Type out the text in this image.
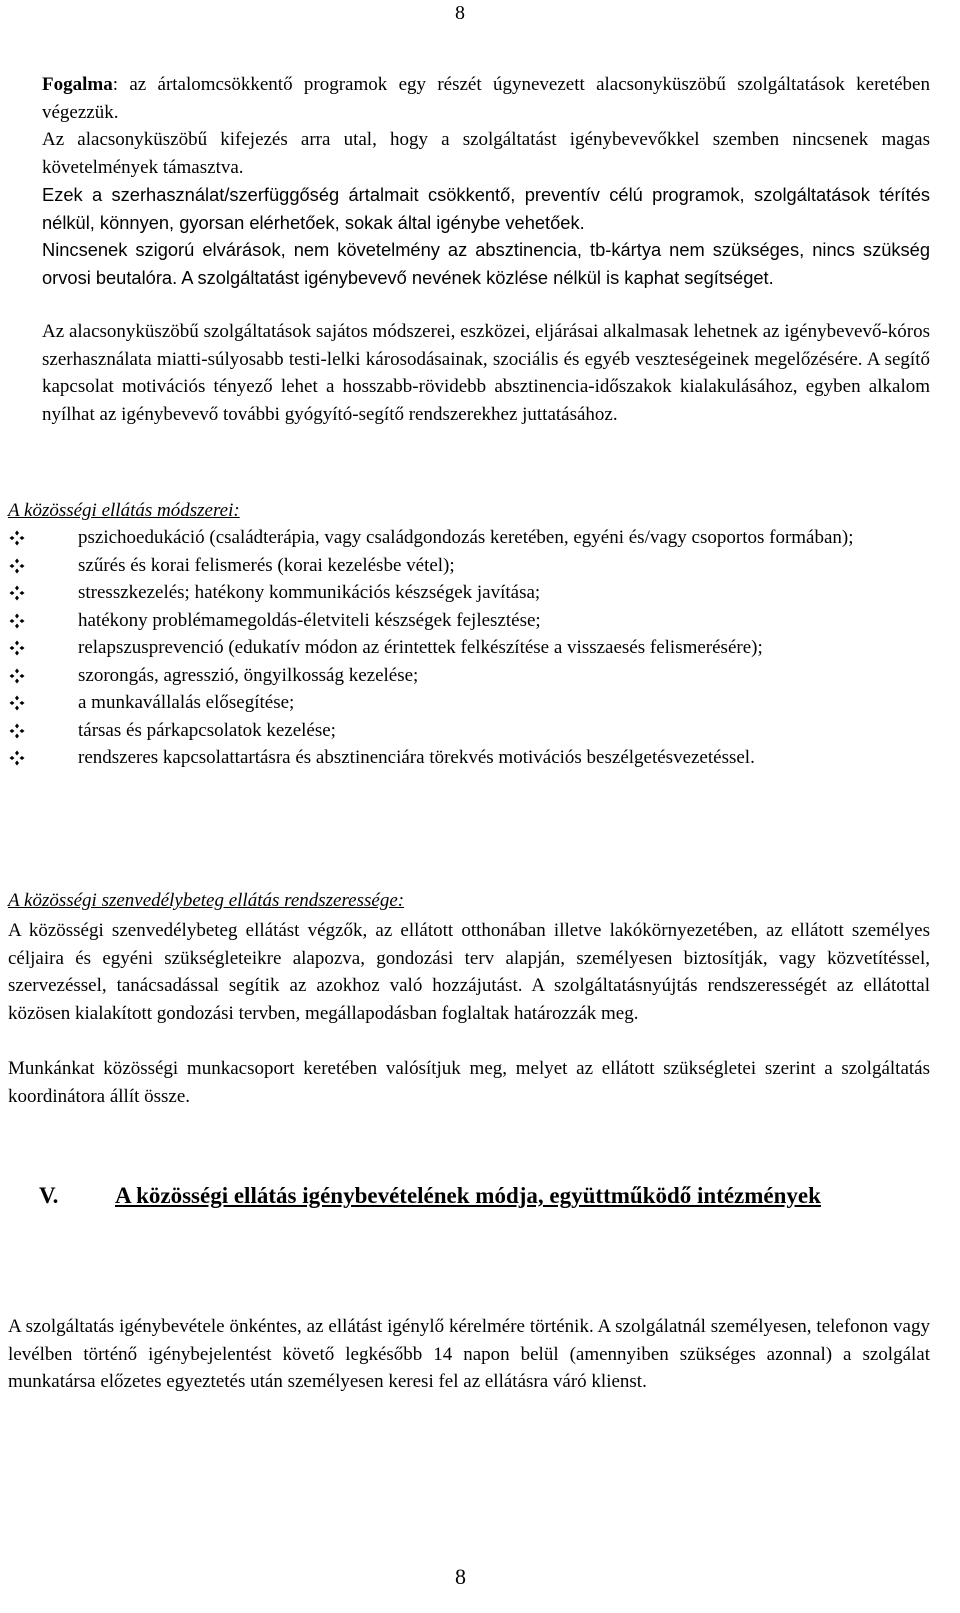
8

Fogalma: az ártalomcsökkentő programok egy részét úgynevezett alacsonyküszöbű szolgáltatások keretében végezzük.

Az alacsonyküszöbű kifejezés arra utal, hogy a szolgáltatást igénybevevőkkel szemben nincsenek magas követelmények támasztva.

Ezek a szerhasználat/szerfüggőség ártalmait csökkentő, preventív célú programok, szolgáltatások térítés nélkül, könnyen, gyorsan elérhetőek, sokak által igénybe vehetőek.

Nincsenek szigorú elvárások, nem követelmény az absztinencia, tb-kártya nem szükséges, nincs szükség orvosi beutalóra. A szolgáltatást igénybevevő nevének közlése nélkül is kaphat segítséget.

Az alacsonyküszöbű szolgáltatások sajátos módszerei, eszközei, eljárásai alkalmasak lehetnek az igénybevevő-kóros szerhasználata miatti-súlyosabb testi-lelki károsodásainak, szociális és egyéb veszteségeinek megelőzésére. A segítő kapcsolat motivációs tényező lehet a hosszabb-rövidebb absztinencia-időszakok kialakulásához, egyben alkalom nyílhat az igénybevevő további gyógyító-segítő rendszerekhez juttatásához.

A közösségi ellátás módszerei:

pszichoedukáció (családterápia, vagy családgondozás keretében, egyéni és/vagy csoportos formában);
szűrés és korai felismerés (korai kezelésbe vétel);
stresszkezelés; hatékony kommunikációs készségek javítása;
hatékony problémamegoldás-életviteli készségek fejlesztése;
relapszusprevenció (edukatív módon az érintettek felkészítése a visszaesés felismerésére);
szorongás, agresszió, öngyilkosság kezelése;
a munkavállalás elősegítése;
társas és párkapcsolatok kezelése;
rendszeres kapcsolattartásra és absztinenciára törekvés motivációs beszélgetésvezetéssel.

A közösségi szenvedélybeteg ellátás rendszeressége:

A közösségi szenvedélybeteg ellátást végzők, az ellátott otthonában illetve lakókörnyezetében, az ellátott személyes céljaira és egyéni szükségleteikre alapozva, gondozási terv alapján, személyesen biztosítják, vagy közvetítéssel, szervezéssel, tanácsadással segítik az azokhoz való hozzájutást. A szolgáltatásnyújtás rendszerességét az ellátottal közösen kialakított gondozási tervben, megállapodásban foglaltak határozzák meg.

Munkánkat közösségi munkacsoport keretében valósítjuk meg, melyet az ellátott szükségletei szerint a szolgáltatás koordinátora állít össze.

V. A közösségi ellátás igénybevételének módja, együttműködő intézmények

A szolgáltatás igénybevétele önkéntes, az ellátást igénylő kérelmére történik. A szolgálatnál személyesen, telefonon vagy levélben történő igénybejelentést követő legkésőbb 14 napon belül (amennyiben szükséges azonnal) a szolgálat munkatársa előzetes egyeztetés után személyesen keresi fel az ellátásra váró klienst.

8
